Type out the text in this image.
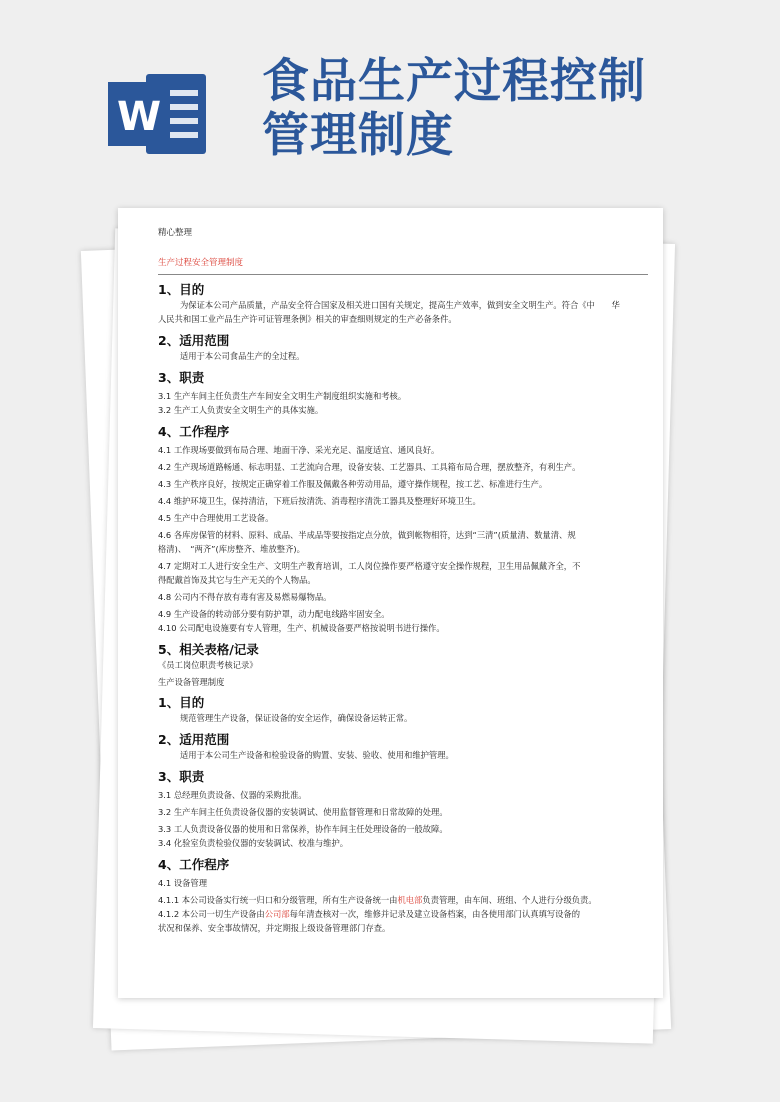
W
食品生产过程控制
管理制度
精心整理
生产过程安全管理制度
1、目的
为保证本公司产品质量，产品安全符合国家及相关进口国有关规定，提高生产效率，做到安全文明生产。符合《中　　华
人民共和国工业产品生产许可证管理条例》相关的审查细则规定的生产必备条件。
2、适用范围
适用于本公司食品生产的全过程。
3、职责
3.1 生产车间主任负责生产车间安全文明生产制度组织实施和考核。
3.2 生产工人负责安全文明生产的具体实施。
4、工作程序
4.1 工作现场要做到布局合理、地面干净、采光充足、温度适宜、通风良好。
4.2 生产现场道路畅通、标志明显、工艺流向合理，设备安装、工艺器具、工具箱布局合理，摆放整齐，有利生产。
4.3 生产秩序良好，按规定正确穿着工作服及佩戴各种劳动用品，遵守操作规程，按工艺、标准进行生产。
4.4 维护环境卫生，保持清洁，下班后按清洗、消毒程序清洗工器具及整理好环境卫生。
4.5 生产中合理使用工艺设备。
4.6 各库房保管的材料、原料、成品、半成品等要按指定点分放，做到帐物相符，达到“三清”(质量清、数量清、规
格清)、　“两齐”(库房整齐、堆放整齐)。
4.7 定期对工人进行安全生产、文明生产教育培训，工人岗位操作要严格遵守安全操作规程，卫生用品佩戴齐全，不
得配戴首饰及其它与生产无关的个人物品。
4.8 公司内不得存放有毒有害及易燃易爆物品。
4.9 生产设备的转动部分要有防护罩，动力配电线路牢固安全。
4.10 公司配电设施要有专人管理，生产、机械设备要严格按说明书进行操作。
5、相关表格/记录
《员工岗位职责考核记录》
生产设备管理制度
1、目的
规范管理生产设备，保证设备的安全运作，确保设备运转正常。
2、适用范围
适用于本公司生产设备和检验设备的购置、安装、验收、使用和维护管理。
3、职责
3.1 总经理负责设备、仪器的采购批准。
3.2 生产车间主任负责设备仪器的安装调试、使用监督管理和日常故障的处理。
3.3 工人负责设备仪器的使用和日常保养，协作车间主任处理设备的一般故障。
3.4 化验室负责检验仪器的安装调试、校准与维护。
4、工作程序
4.1 设备管理
4.1.1 本公司设备实行统一归口和分级管理，所有生产设备统一由机电部负责管理，由车间、班组、个人进行分级负责。
4.1.2 本公司一切生产设备由公司部每年清查核对一次，维修并记录及建立设备档案，由各使用部门认真填写设备的
状况和保养、安全事故情况，并定期报上级设备管理部门存查。
